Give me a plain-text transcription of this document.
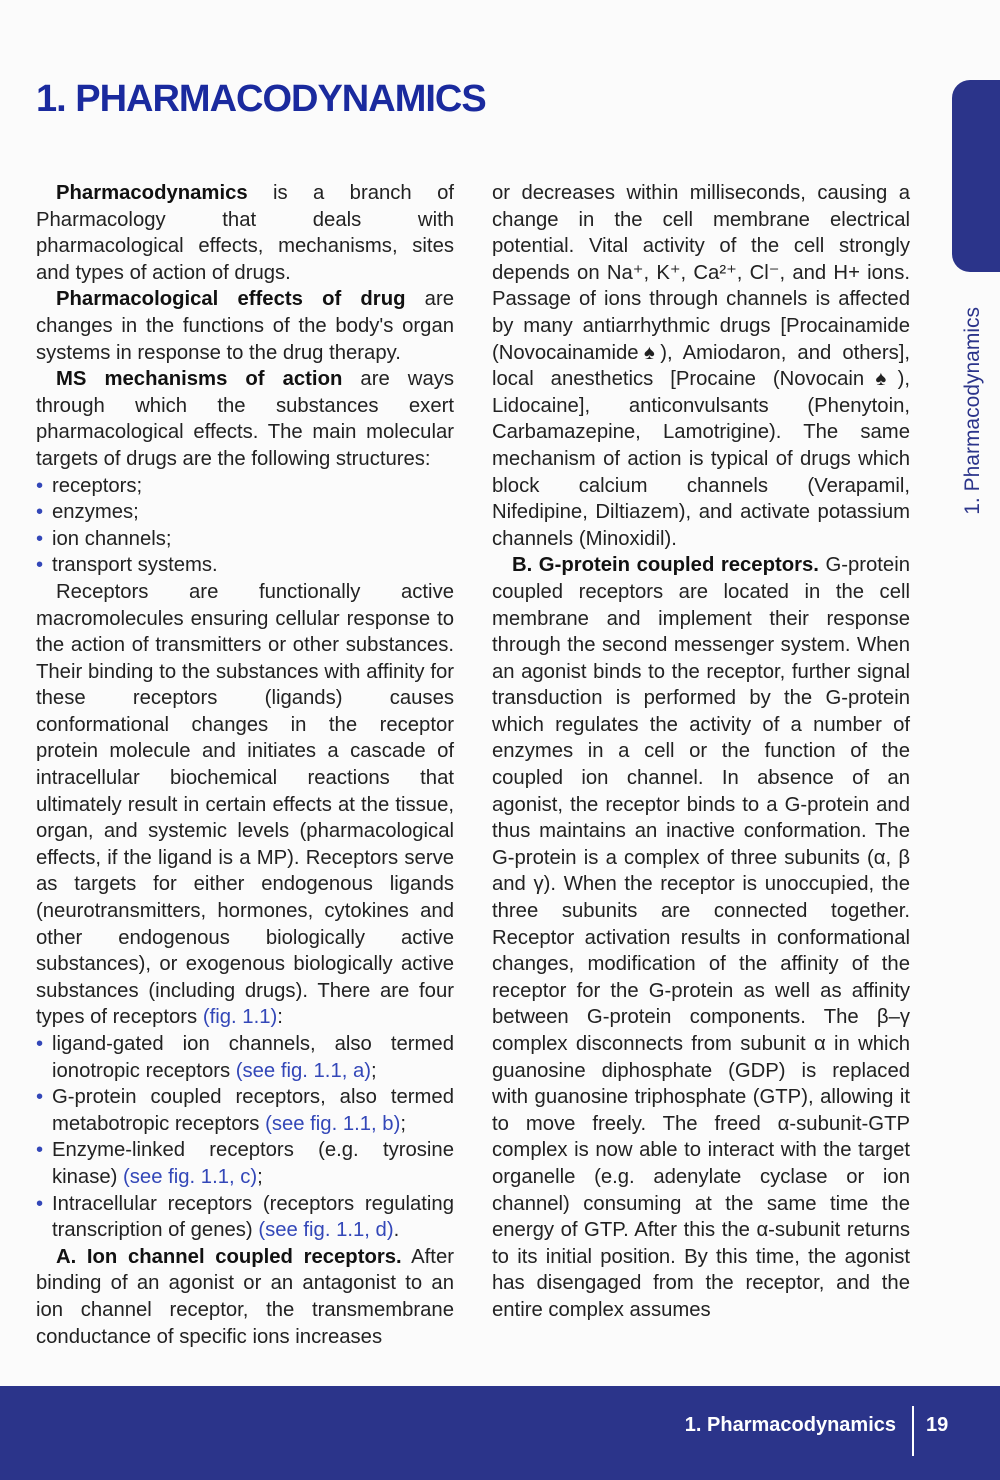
1. PHARMACODYNAMICS
1. Pharmacodynamics

Pharmacodynamics is a branch of Pharmacology that deals with pharmacological effects, mechanisms, sites and types of action of drugs.

Pharmacological effects of drug are changes in the functions of the body's organ systems in response to the drug therapy.

MS mechanisms of action are ways through which the substances exert pharmacological effects. The main molecular targets of drugs are the following structures:

• receptors;
• enzymes;
• ion channels;
• transport systems.

Receptors are functionally active macromolecules ensuring cellular response to the action of transmitters or other substances. Their binding to the substances with affinity for these receptors (ligands) causes conformational changes in the receptor protein molecule and initiates a cascade of intracellular biochemical reactions that ultimately result in certain effects at the tissue, organ, and systemic levels (pharmacological effects, if the ligand is a MP). Receptors serve as targets for either endogenous ligands (neurotransmitters, hormones, cytokines and other endogenous biologically active substances), or exogenous biologically active substances (including drugs). There are four types of receptors (fig. 1.1):

• ligand-gated ion channels, also termed ionotropic receptors (see fig. 1.1, a);
• G-protein coupled receptors, also termed metabotropic receptors (see fig. 1.1, b);
• Enzyme-linked receptors (e.g. tyrosine kinase) (see fig. 1.1, c);
• Intracellular receptors (receptors regulating transcription of genes) (see fig. 1.1, d).

A. Ion channel coupled receptors. After binding of an agonist or an antagonist to an ion channel receptor, the transmembrane conductance of specific ions increases

or decreases within milliseconds, causing a change in the cell membrane electrical potential. Vital activity of the cell strongly depends on Na⁺, K⁺, Ca²⁺, Cl⁻, and H+ ions. Passage of ions through channels is affected by many antiarrhythmic drugs [Procainamide (Novocainamide♠), Amiodaron, and others], local anesthetics [Procaine (Novocain♠), Lidocaine], anticonvulsants (Phenytoin, Carbamazepine, Lamotrigine). The same mechanism of action is typical of drugs which block calcium channels (Verapamil, Nifedipine, Diltiazem), and activate potassium channels (Minoxidil).

B. G-protein coupled receptors. G-protein coupled receptors are located in the cell membrane and implement their response through the second messenger system. When an agonist binds to the receptor, further signal transduction is performed by the G-protein which regulates the activity of a number of enzymes in a cell or the function of the coupled ion channel. In absence of an agonist, the receptor binds to a G-protein and thus maintains an inactive conformation. The G-protein is a complex of three subunits (α, β and γ). When the receptor is unoccupied, the three subunits are connected together. Receptor activation results in conformational changes, modification of the affinity of the receptor for the G-protein as well as affinity between G-protein components. The β–γ complex disconnects from subunit α in which guanosine diphosphate (GDP) is replaced with guanosine triphosphate (GTP), allowing it to move freely. The freed α-subunit-GTP complex is now able to interact with the target organelle (e.g. adenylate cyclase or ion channel) consuming at the same time the energy of GTP. After this the α-subunit returns to its initial position. By this time, the agonist has disengaged from the receptor, and the entire complex assumes

1. Pharmacodynamics 19
